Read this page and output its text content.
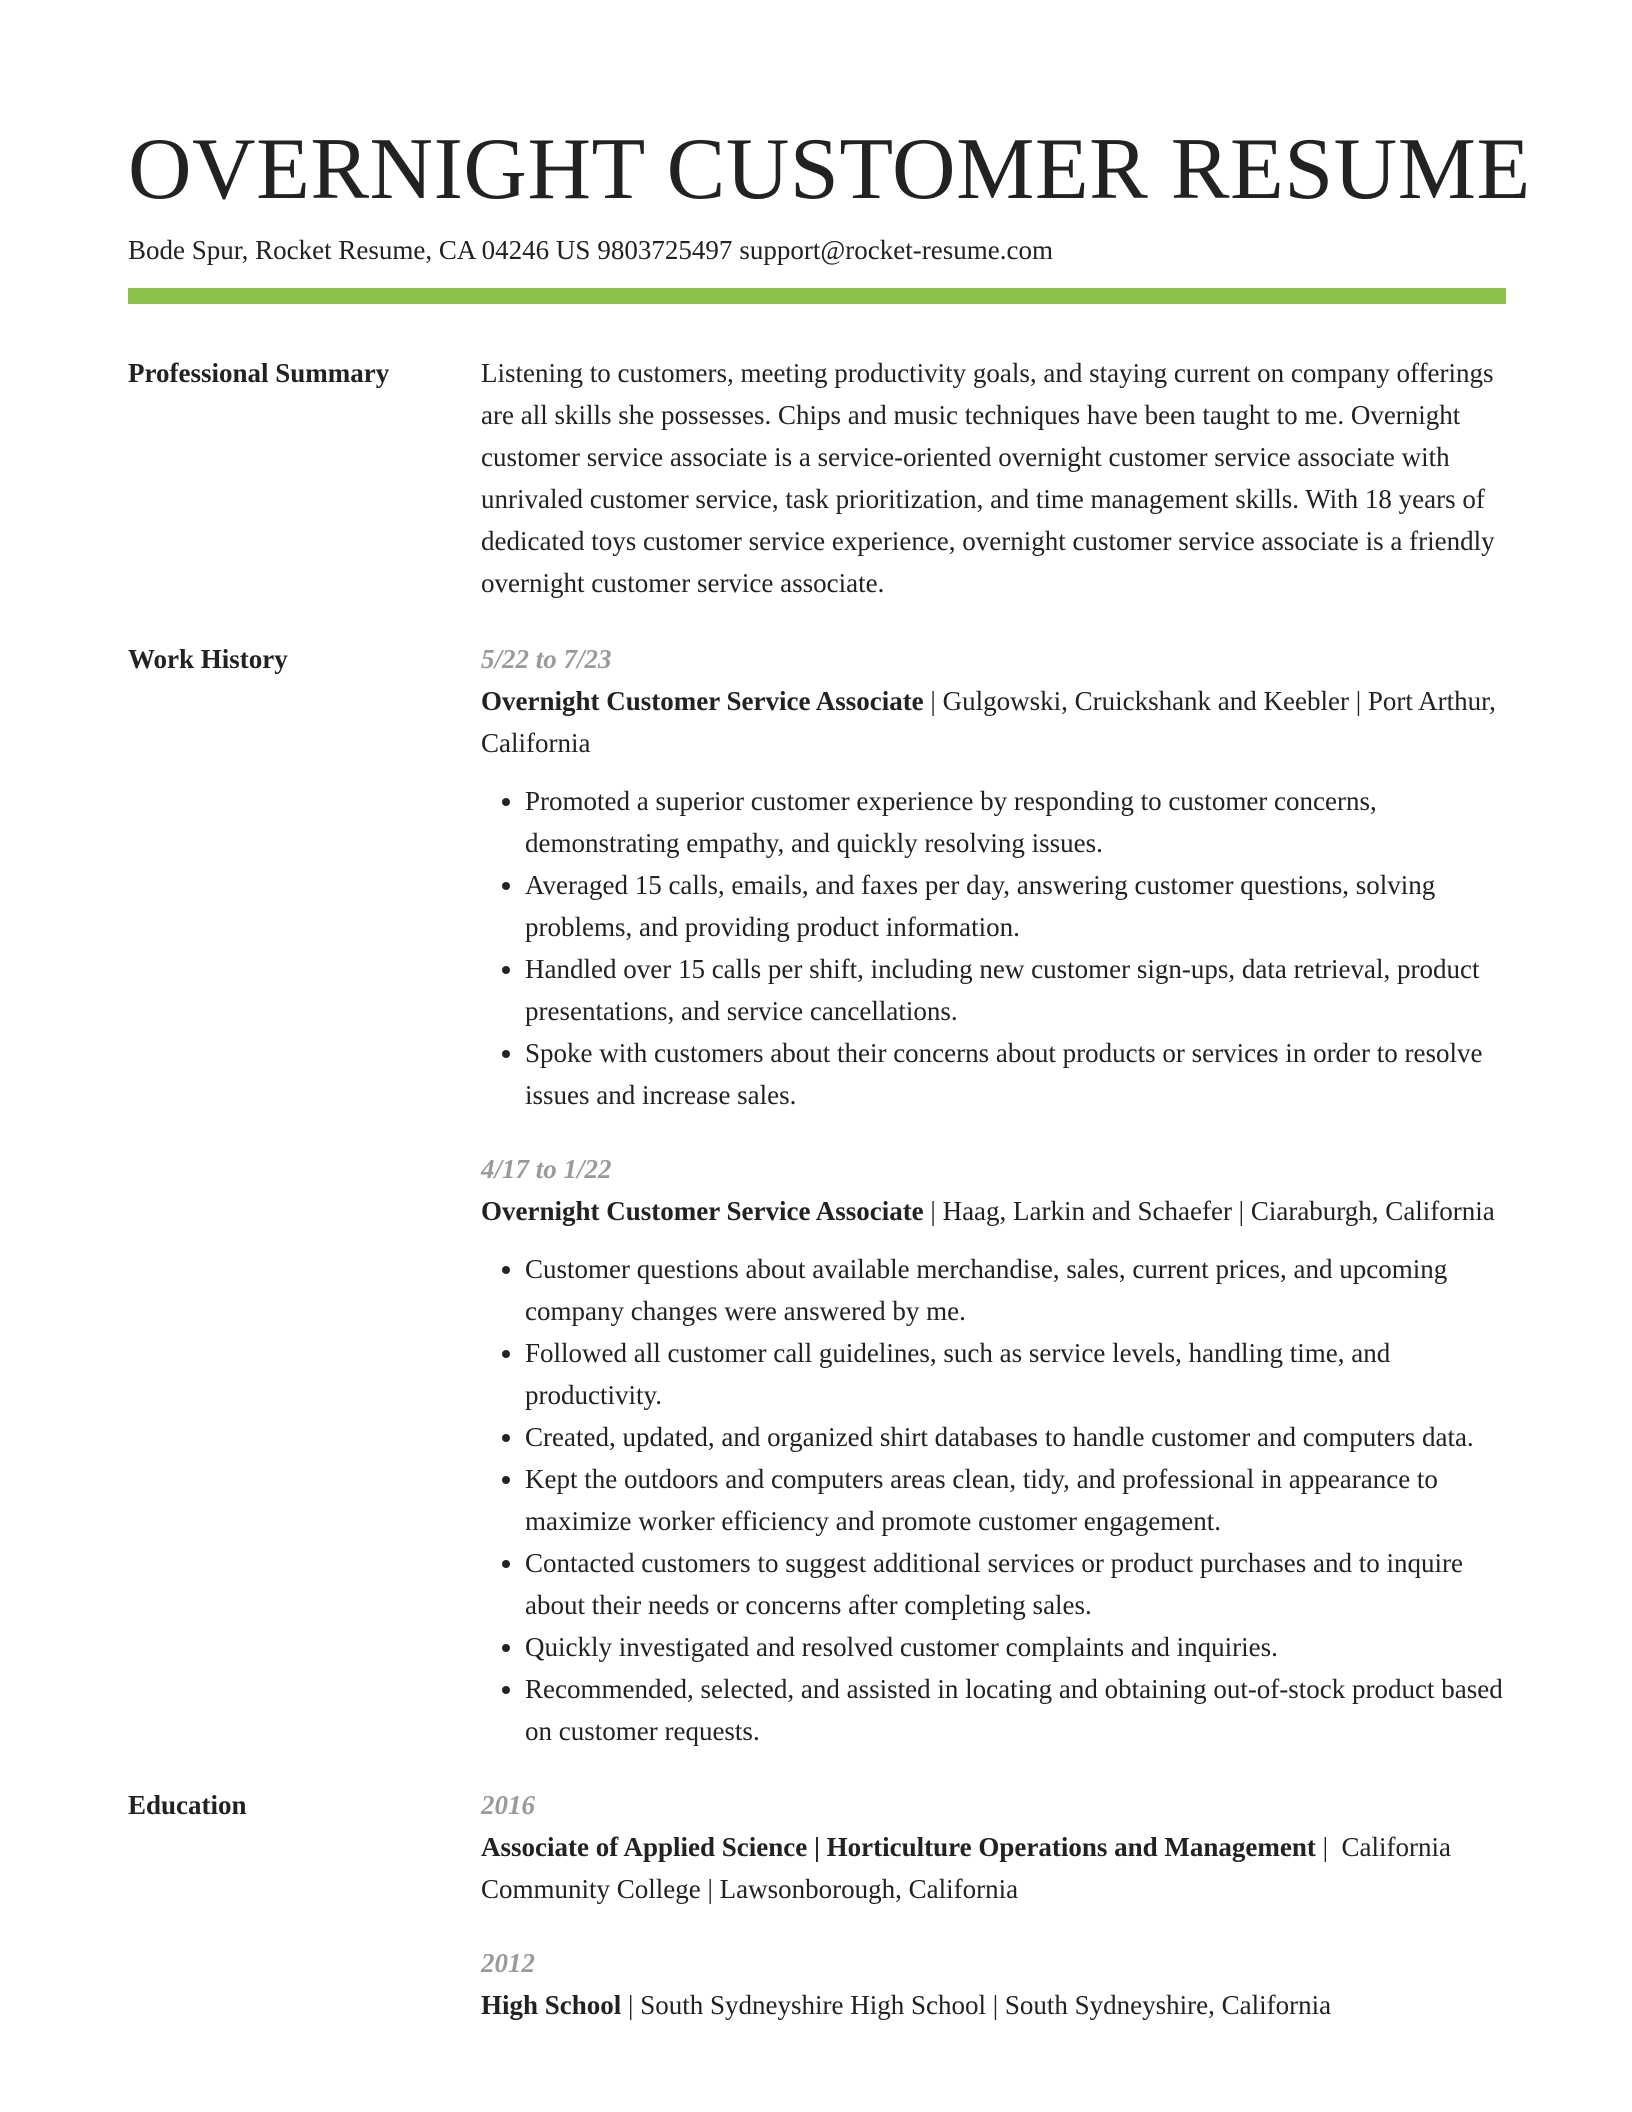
OVERNIGHT CUSTOMER RESUME
Bode Spur, Rocket Resume, CA 04246 US 9803725497 support@rocket-resume.com
Professional Summary	Listening to customers, meeting productivity goals, and staying current on company offerings are all skills she possesses. Chips and music techniques have been taught to me. Overnight customer service associate is a service-oriented overnight customer service associate with unrivaled customer service, task prioritization, and time management skills. With 18 years of dedicated toys customer service experience, overnight customer service associate is a friendly overnight customer service associate.
Work History	5/22 to 7/23
Overnight Customer Service Associate | Gulgowski, Cruickshank and Keebler | Port Arthur, California
• Promoted a superior customer experience by responding to customer concerns, demonstrating empathy, and quickly resolving issues.
• Averaged 15 calls, emails, and faxes per day, answering customer questions, solving problems, and providing product information.
• Handled over 15 calls per shift, including new customer sign-ups, data retrieval, product presentations, and service cancellations.
• Spoke with customers about their concerns about products or services in order to resolve issues and increase sales.
4/17 to 1/22
Overnight Customer Service Associate | Haag, Larkin and Schaefer | Ciaraburgh, California
• Customer questions about available merchandise, sales, current prices, and upcoming company changes were answered by me.
• Followed all customer call guidelines, such as service levels, handling time, and productivity.
• Created, updated, and organized shirt databases to handle customer and computers data.
• Kept the outdoors and computers areas clean, tidy, and professional in appearance to maximize worker efficiency and promote customer engagement.
• Contacted customers to suggest additional services or product purchases and to inquire about their needs or concerns after completing sales.
• Quickly investigated and resolved customer complaints and inquiries.
• Recommended, selected, and assisted in locating and obtaining out-of-stock product based on customer requests.
Education	2016
Associate of Applied Science | Horticulture Operations and Management |  California Community College | Lawsonborough, California
2012
High School | South Sydneyshire High School | South Sydneyshire, California
